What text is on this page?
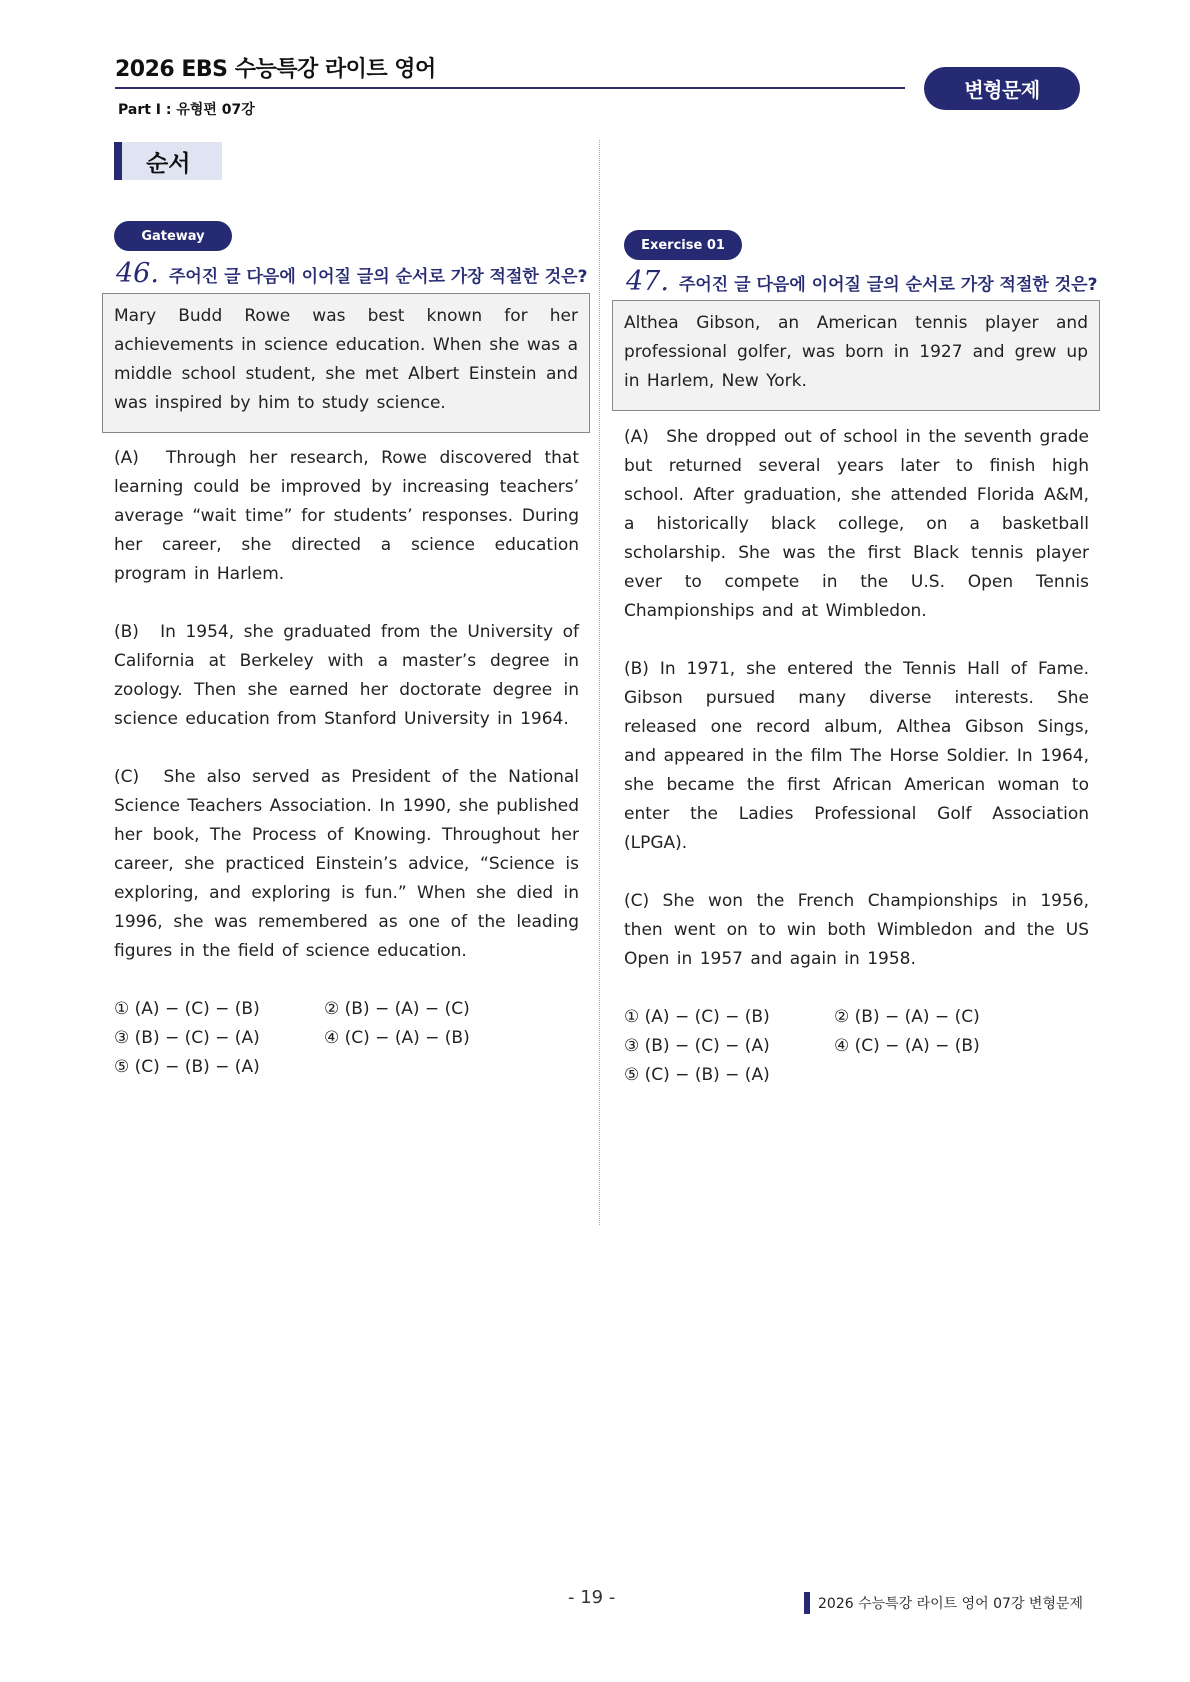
2026 EBS 수능특강 라이트 영어
Part Ⅰ : 유형편 07강
변형문제
순서
Gateway
46. 주어진 글 다음에 이어질 글의 순서로 가장 적절한 것은?
Mary Budd Rowe was best known for her achievements in science education. When she was a middle school student, she met Albert Einstein and was inspired by him to study science.
(A)　Through her research, Rowe discovered that learning could be improved by increasing teachers’ average “wait time” for students’ responses. During her career, she directed a science education program in Harlem.
(B)　In 1954, she graduated from the University of California at Berkeley with a master’s degree in zoology. Then she earned her doctorate degree in science education from Stanford University in 1964.
(C)　She also served as President of the National Science Teachers Association. In 1990, she published her book, The Process of Knowing. Throughout her career, she practiced Einstein’s advice, “Science is exploring, and exploring is fun.” When she died in 1996, she was remembered as one of the leading figures in the field of science education.
① (A) − (C) − (B)	② (B) − (A) − (C)
③ (B) − (C) − (A)	④ (C) − (A) − (B)
⑤ (C) − (B) − (A)
Exercise 01
47. 주어진 글 다음에 이어질 글의 순서로 가장 적절한 것은?
Althea Gibson, an American tennis player and professional golfer, was born in 1927 and grew up in Harlem, New York.
(A)　She dropped out of school in the seventh grade but returned several years later to finish high school. After graduation, she attended Florida A&M, a historically black college, on a basketball scholarship. She was the first Black tennis player ever to compete in the U.S. Open Tennis Championships and at Wimbledon.
(B) In 1971, she entered the Tennis Hall of Fame. Gibson pursued many diverse interests. She released one record album, Althea Gibson Sings, and appeared in the film The Horse Soldier. In 1964, she became the first African American woman to enter the Ladies Professional Golf Association (LPGA).
(C) She won the French Championships in 1956, then went on to win both Wimbledon and the US Open in 1957 and again in 1958.
① (A) − (C) − (B)	② (B) − (A) − (C)
③ (B) − (C) − (A)	④ (C) − (A) − (B)
⑤ (C) − (B) − (A)
- 19 -	2026 수능특강 라이트 영어 07강 변형문제
